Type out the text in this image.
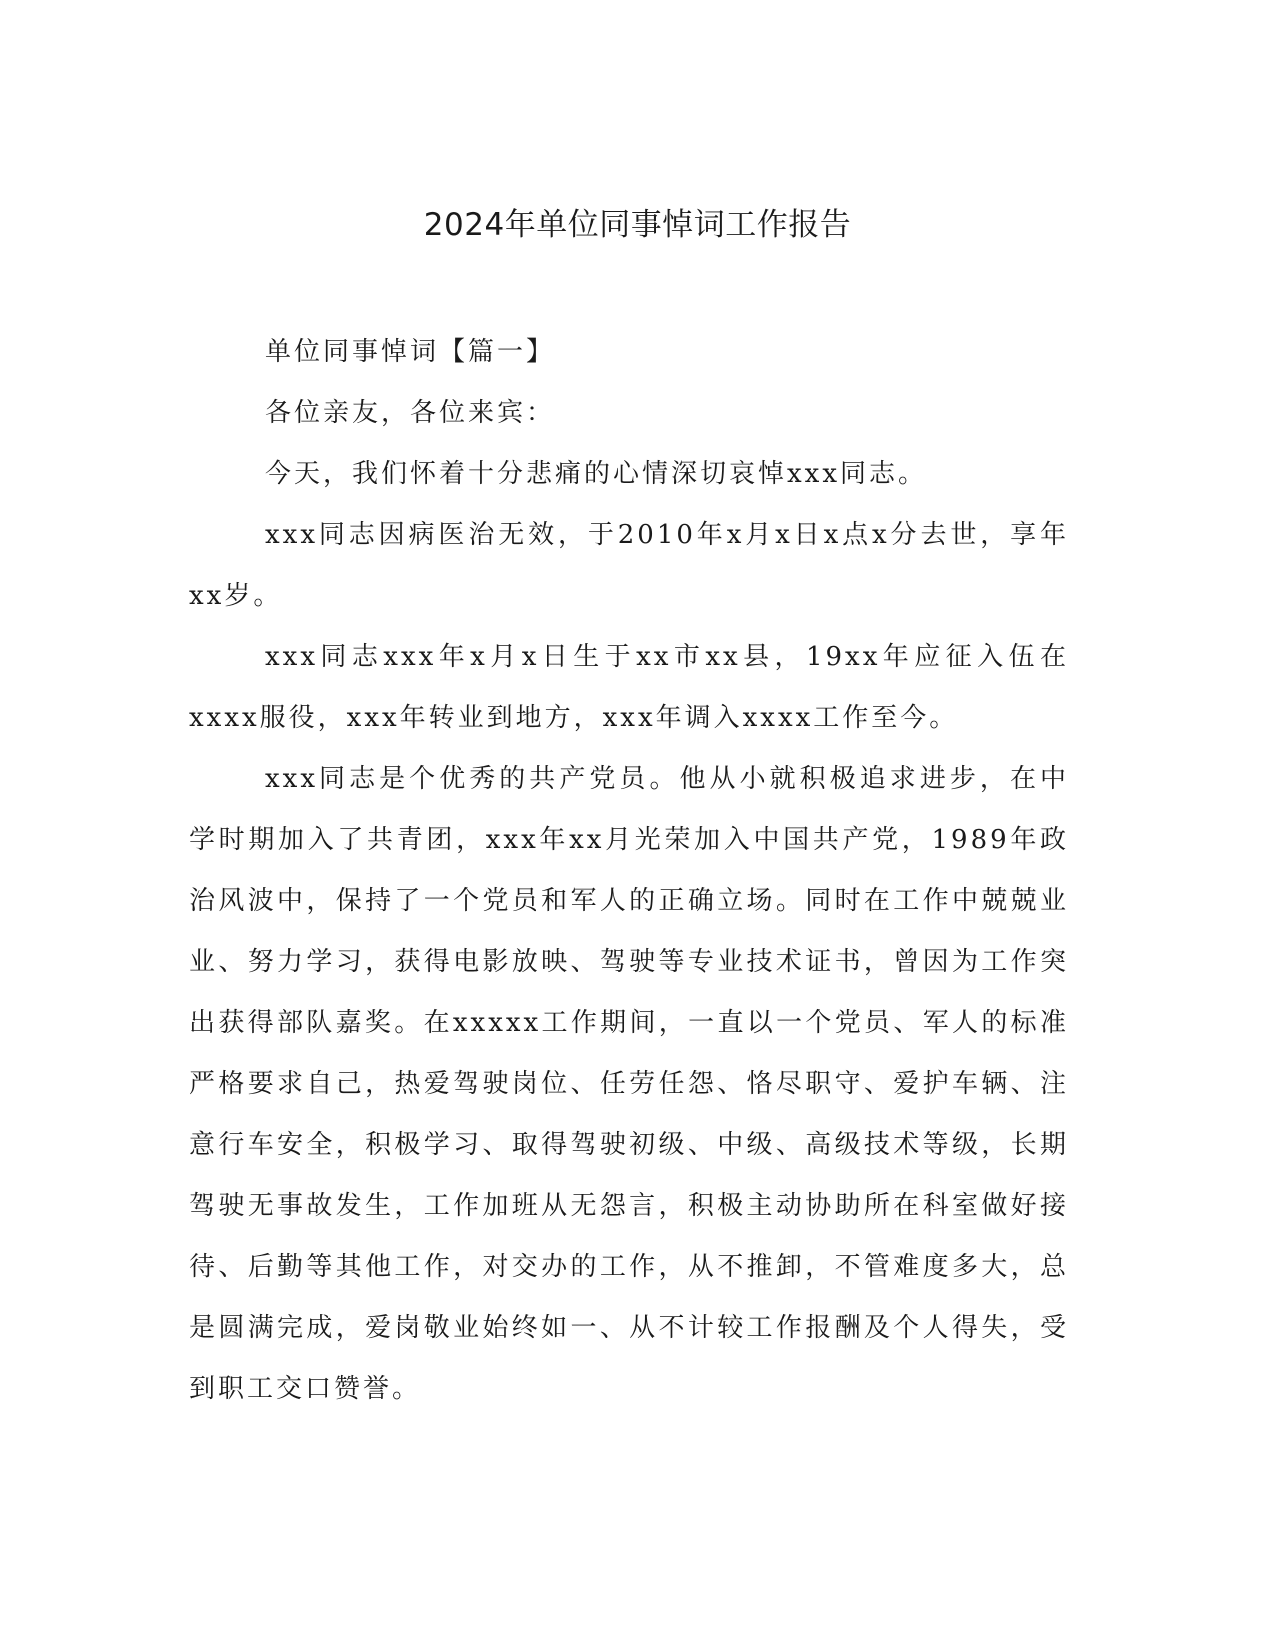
2024年单位同事悼词工作报告

单位同事悼词【篇一】

各位亲友，各位来宾：

今天，我们怀着十分悲痛的心情深切哀悼xxx同志。

xxx同志因病医治无效，于2010年x月x日x点x分去世，享年xx岁。

xxx同志xxx年x月x日生于xx市xx县，19xx年应征入伍在xxxx服役，xxx年转业到地方，xxx年调入xxxx工作至今。

xxx同志是个优秀的共产党员。他从小就积极追求进步，在中学时期加入了共青团，xxx年xx月光荣加入中国共产党，1989年政治风波中，保持了一个党员和军人的正确立场。同时在工作中兢兢业业、努力学习，获得电影放映、驾驶等专业技术证书，曾因为工作突出获得部队嘉奖。在xxxxx工作期间，一直以一个党员、军人的标准严格要求自己，热爱驾驶岗位、任劳任怨、恪尽职守、爱护车辆、注意行车安全，积极学习、取得驾驶初级、中级、高级技术等级，长期驾驶无事故发生，工作加班从无怨言，积极主动协助所在科室做好接待、后勤等其他工作，对交办的工作，从不推卸，不管难度多大，总是圆满完成，爱岗敬业始终如一、从不计较工作报酬及个人得失，受到职工交口赞誉。
